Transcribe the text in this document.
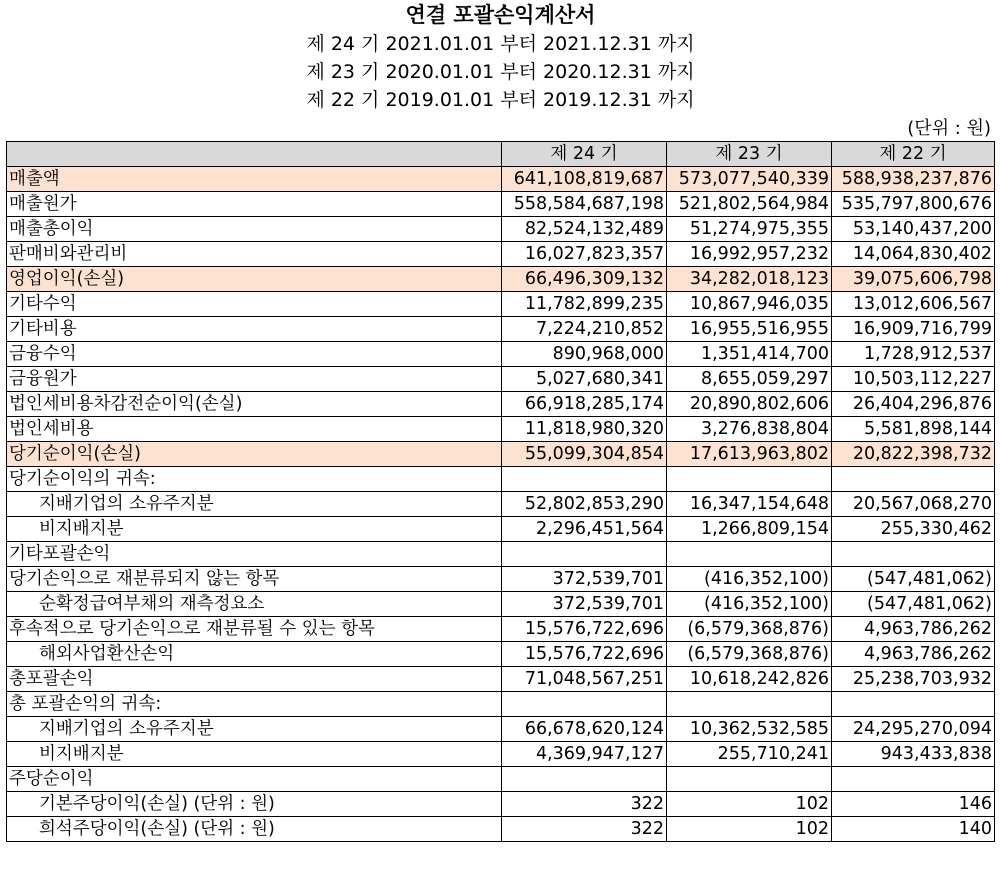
연결 포괄손익계산서
제 24 기 2021.01.01 부터 2021.12.31 까지
제 23 기 2020.01.01 부터 2020.12.31 까지
제 22 기 2019.01.01 부터 2019.12.31 까지
(단위 : 원)
	제 24 기	제 23 기	제 22 기
매출액	641,108,819,687	573,077,540,339	588,938,237,876
매출원가	558,584,687,198	521,802,564,984	535,797,800,676
매출총이익	82,524,132,489	51,274,975,355	53,140,437,200
판매비와관리비	16,027,823,357	16,992,957,232	14,064,830,402
영업이익(손실)	66,496,309,132	34,282,018,123	39,075,606,798
기타수익	11,782,899,235	10,867,946,035	13,012,606,567
기타비용	7,224,210,852	16,955,516,955	16,909,716,799
금융수익	890,968,000	1,351,414,700	1,728,912,537
금융원가	5,027,680,341	8,655,059,297	10,503,112,227
법인세비용차감전순이익(손실)	66,918,285,174	20,890,802,606	26,404,296,876
법인세비용	11,818,980,320	3,276,838,804	5,581,898,144
당기순이익(손실)	55,099,304,854	17,613,963,802	20,822,398,732
당기순이익의 귀속:			
지배기업의 소유주지분	52,802,853,290	16,347,154,648	20,567,068,270
비지배지분	2,296,451,564	1,266,809,154	255,330,462
기타포괄손익			
당기손익으로 재분류되지 않는 항목	372,539,701	(416,352,100)	(547,481,062)
순확정급여부채의 재측정요소	372,539,701	(416,352,100)	(547,481,062)
후속적으로 당기손익으로 재분류될 수 있는 항목	15,576,722,696	(6,579,368,876)	4,963,786,262
해외사업환산손익	15,576,722,696	(6,579,368,876)	4,963,786,262
총포괄손익	71,048,567,251	10,618,242,826	25,238,703,932
총 포괄손익의 귀속:			
지배기업의 소유주지분	66,678,620,124	10,362,532,585	24,295,270,094
비지배지분	4,369,947,127	255,710,241	943,433,838
주당순이익			
기본주당이익(손실) (단위 : 원)	322	102	146
희석주당이익(손실) (단위 : 원)	322	102	140
